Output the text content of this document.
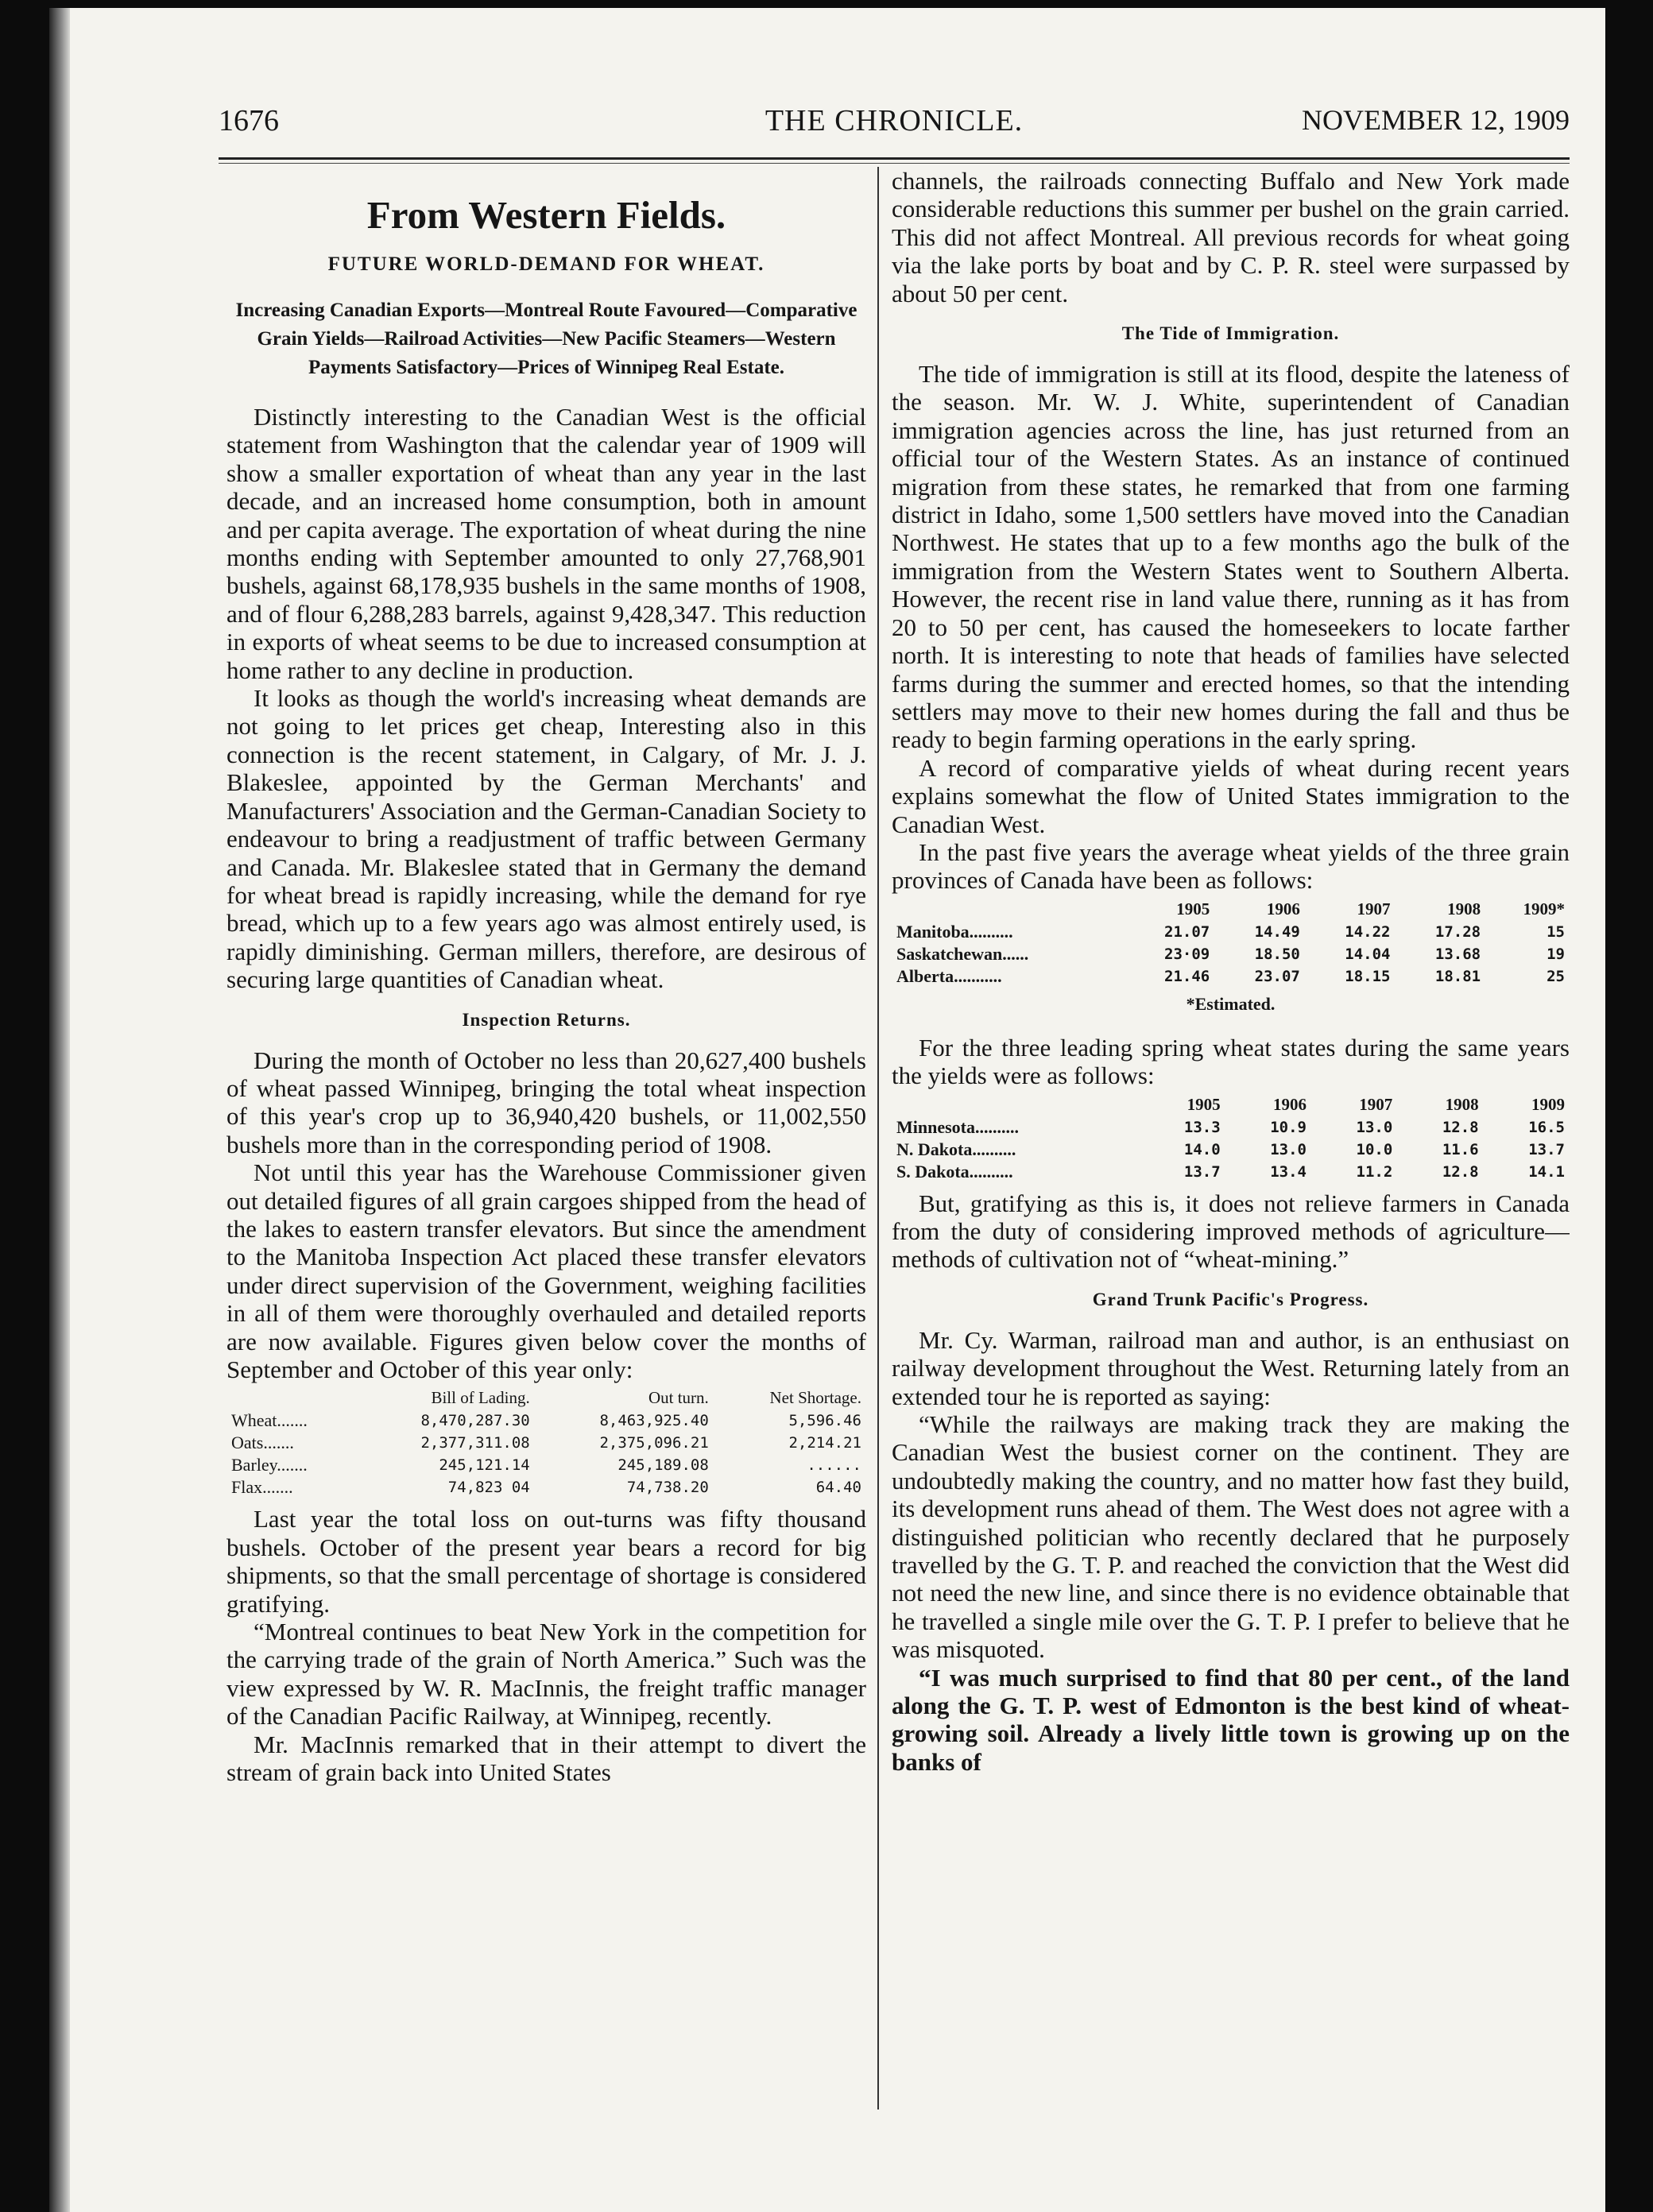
1676	THE CHRONICLE.	NOVEMBER 12, 1909
From Western Fields.
FUTURE WORLD-DEMAND FOR WHEAT.
Increasing Canadian Exports—Montreal Route Favoured—Comparative Grain Yields—Railroad Activities—New Pacific Steamers—Western Payments Satisfactory—Prices of Winnipeg Real Estate.

Distinctly interesting to the Canadian West is the official statement from Washington that the calendar year of 1909 will show a smaller exportation of wheat than any year in the last decade, and an increased home consumption, both in amount and per capita average. The exportation of wheat during the nine months ending with September amounted to only 27,768,901 bushels, against 68,178,935 bushels in the same months of 1908, and of flour 6,288,283 barrels, against 9,428,347. This reduction in exports of wheat seems to be due to increased consumption at home rather to any decline in production.

It looks as though the world's increasing wheat demands are not going to let prices get cheap, Interesting also in this connection is the recent statement, in Calgary, of Mr. J. J. Blakeslee, appointed by the German Merchants' and Manufacturers' Association and the German-Canadian Society to endeavour to bring a readjustment of traffic between Germany and Canada. Mr. Blakeslee stated that in Germany the demand for wheat bread is rapidly increasing, while the demand for rye bread, which up to a few years ago was almost entirely used, is rapidly diminishing. German millers, therefore, are desirous of securing large quantities of Canadian wheat.

Inspection Returns.

During the month of October no less than 20,627,400 bushels of wheat passed Winnipeg, bringing the total wheat inspection of this year's crop up to 36,940,420 bushels, or 11,002,550 bushels more than in the corresponding period of 1908.

Not until this year has the Warehouse Commissioner given out detailed figures of all grain cargoes shipped from the head of the lakes to eastern transfer elevators. But since the amendment to the Manitoba Inspection Act placed these transfer elevators under direct supervision of the Government, weighing facilities in all of them were thoroughly overhauled and detailed reports are now available. Figures given below cover the months of September and October of this year only:

	Bill of Lading.	Out turn.	Net Shortage.
Wheat.......	8,470,287.30	8,463,925.40	5,596.46
Oats.......	2,377,311.08	2,375,096.21	2,214.21
Barley.......	245,121.14	245,189.08	......
Flax.......	74,823 04	74,738.20	64.40

Last year the total loss on out-turns was fifty thousand bushels. October of the present year bears a record for big shipments, so that the small percentage of shortage is considered gratifying.

“Montreal continues to beat New York in the competition for the carrying trade of the grain of North America.” Such was the view expressed by W. R. MacInnis, the freight traffic manager of the Canadian Pacific Railway, at Winnipeg, recently.

Mr. MacInnis remarked that in their attempt to divert the stream of grain back into United States

channels, the railroads connecting Buffalo and New York made considerable reductions this summer per bushel on the grain carried. This did not affect Montreal. All previous records for wheat going via the lake ports by boat and by C. P. R. steel were surpassed by about 50 per cent.

The Tide of Immigration.

The tide of immigration is still at its flood, despite the lateness of the season. Mr. W. J. White, superintendent of Canadian immigration agencies across the line, has just returned from an official tour of the Western States. As an instance of continued migration from these states, he remarked that from one farming district in Idaho, some 1,500 settlers have moved into the Canadian Northwest. He states that up to a few months ago the bulk of the immigration from the Western States went to Southern Alberta. However, the recent rise in land value there, running as it has from 20 to 50 per cent, has caused the homeseekers to locate farther north. It is interesting to note that heads of families have selected farms during the summer and erected homes, so that the intending settlers may move to their new homes during the fall and thus be ready to begin farming operations in the early spring.

A record of comparative yields of wheat during recent years explains somewhat the flow of United States immigration to the Canadian West.

In the past five years the average wheat yields of the three grain provinces of Canada have been as follows:

	1905	1906	1907	1908	1909*
Manitoba..........	21.07	14.49	14.22	17.28	15
Saskatchewan......	23·09	18.50	14.04	13.68	19
Alberta...........	21.46	23.07	18.15	18.81	25
*Estimated.

For the three leading spring wheat states during the same years the yields were as follows:

	1905	1906	1907	1908	1909
Minnesota..........	13.3	10.9	13.0	12.8	16.5
N. Dakota..........	14.0	13.0	10.0	11.6	13.7
S. Dakota..........	13.7	13.4	11.2	12.8	14.1

But, gratifying as this is, it does not relieve farmers in Canada from the duty of considering improved methods of agriculture—methods of cultivation not of “wheat-mining.”

Grand Trunk Pacific's Progress.

Mr. Cy. Warman, railroad man and author, is an enthusiast on railway development throughout the West. Returning lately from an extended tour he is reported as saying:

“While the railways are making track they are making the Canadian West the busiest corner on the continent. They are undoubtedly making the country, and no matter how fast they build, its development runs ahead of them. The West does not agree with a distinguished politician who recently declared that he purposely travelled by the G. T. P. and reached the conviction that the West did not need the new line, and since there is no evidence obtainable that he travelled a single mile over the G. T. P. I prefer to believe that he was misquoted.

“I was much surprised to find that 80 per cent., of the land along the G. T. P. west of Edmonton is the best kind of wheat-growing soil. Already a lively little town is growing up on the banks of
